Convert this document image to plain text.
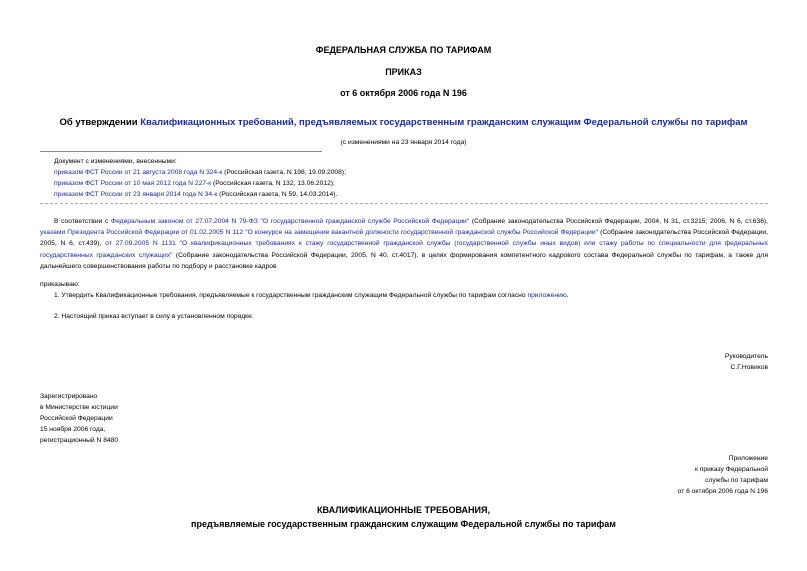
ФЕДЕРАЛЬНАЯ СЛУЖБА ПО ТАРИФАМ
ПРИКАЗ
от 6 октября 2006 года N 196
Об утверждении Квалификационных требований, предъявляемых государственным гражданским служащим Федеральной службы по тарифам
(с изменениями на 23 января 2014 года)
Документ с изменениями, внесенными:
приказом ФСТ России от 21 августа 2008 года N 324-к (Российская газета, N 198, 19.09.2008);
приказом ФСТ России от 10 мая 2012 года N 227-к (Российская газета, N 132, 13.06.2012);
приказом ФСТ России от 23 января 2014 года N 34-к (Российская газета, N 59, 14.03.2014).
В соответствии с Федеральным законом от 27.07.2004 N 79-ФЗ "О государственной гражданской службе Российской Федерации" (Собрание законодательства Российской Федерации, 2004, N 31, ст.3215; 2006, N 6, ст.636), указами Президента Российской Федерации от 01.02.2005 N 112 "О конкурсе на замещение вакантной должности государственной гражданской службы Российской Федерации" (Собрание законодательства Российской Федерации, 2005, N 6, ст.439), от 27.09.2005 N 1131 "О квалификационных требованиях к стажу государственной гражданской службы (государственной службы иных видов) или стажу работы по специальности для федеральных государственных гражданских служащих" (Собрание законодательства Российской Федерации, 2005, N 40, ст.4017), в целях формирования компетентного кадрового состава Федеральной службы по тарифам, а также для дальнейшего совершенствования работы по подбору и расстановке кадров
приказываю:
1. Утвердить Квалификационные требования, предъявляемые к государственным гражданским служащим Федеральной службы по тарифам согласно приложению.
2. Настоящий приказ вступает в силу в установленном порядке.
Руководитель
С.Г.Новиков
Зарегистрировано
в Министерстве юстиции
Российской Федерации
15 ноября 2006 года,
регистрационный N 8480
Приложение
к приказу Федеральной
службы по тарифам
от 6 октября 2006 года N 196
КВАЛИФИКАЦИОННЫЕ ТРЕБОВАНИЯ,
предъявляемые государственным гражданским служащим Федеральной службы по тарифам
